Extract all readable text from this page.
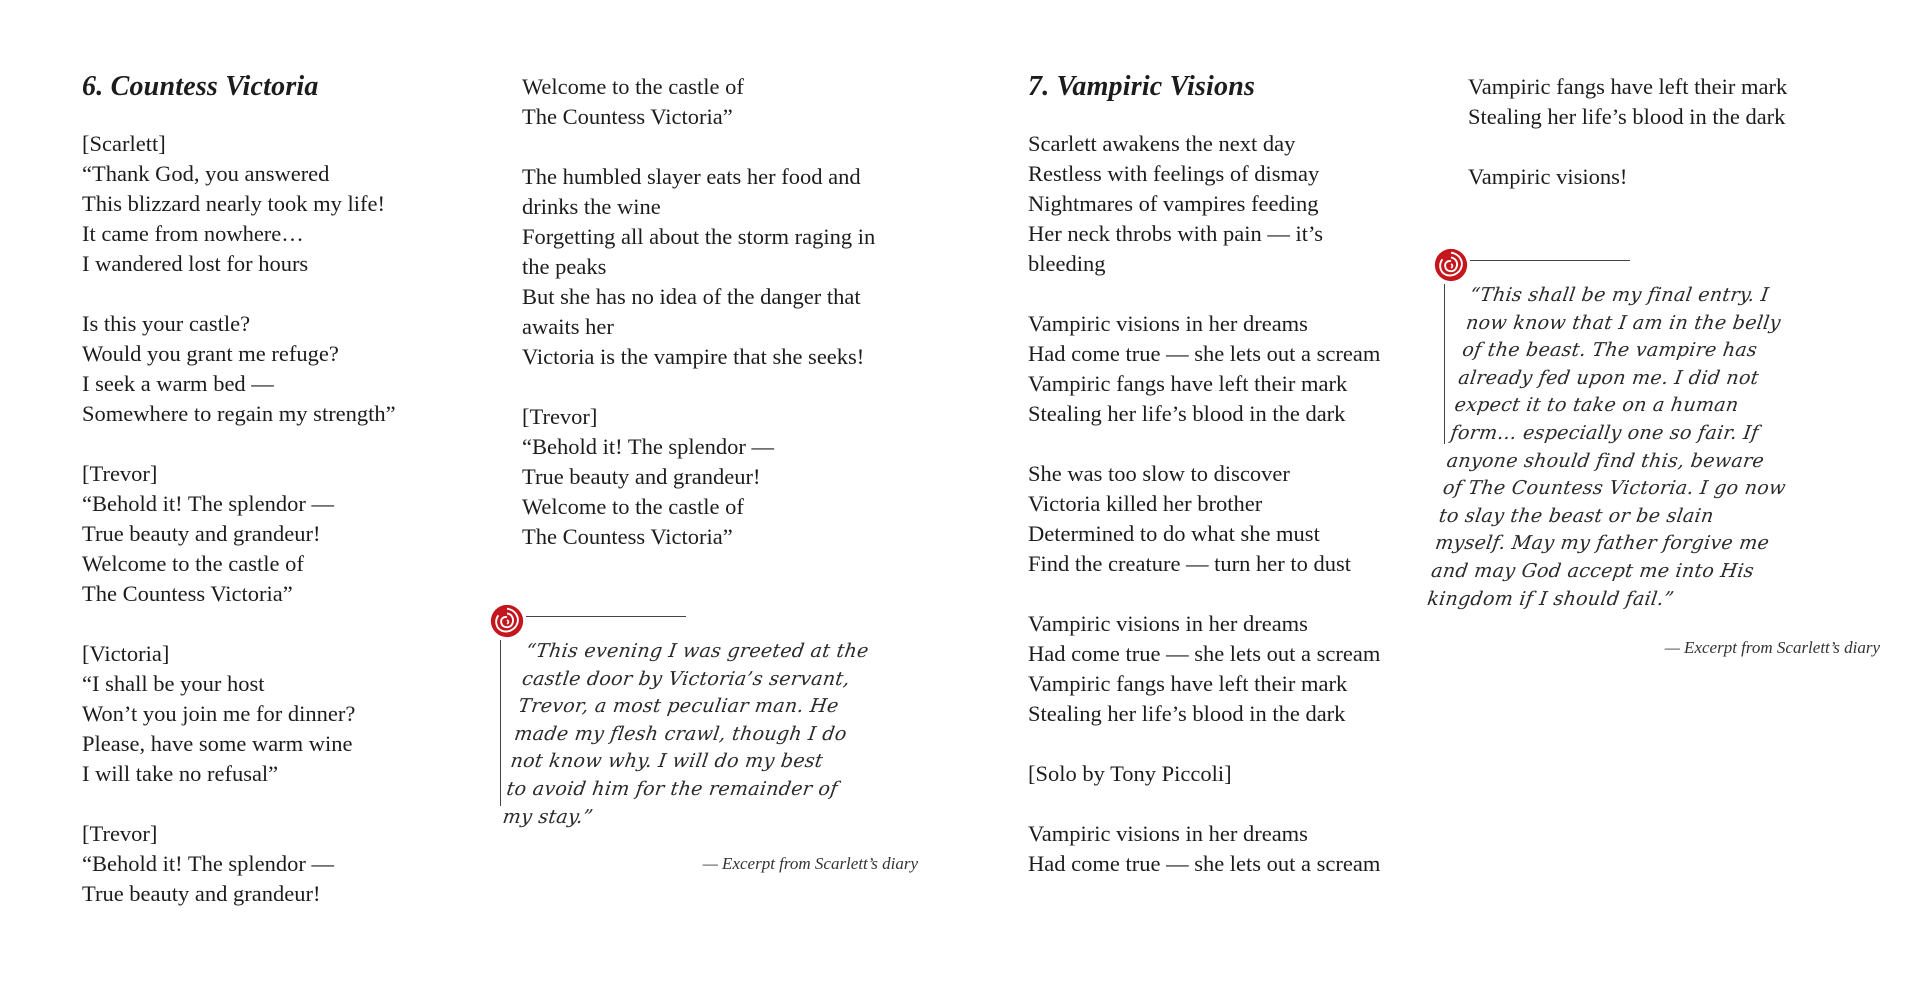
6. Countess Victoria
[Scarlett]
“Thank God, you answered
This blizzard nearly took my life!
It came from nowhere…
I wandered lost for hours
Is this your castle?
Would you grant me refuge?
I seek a warm bed —
Somewhere to regain my strength”
[Trevor]
“Behold it! The splendor —
True beauty and grandeur!
Welcome to the castle of
The Countess Victoria”
[Victoria]
“I shall be your host
Won’t you join me for dinner?
Please, have some warm wine
I will take no refusal”
[Trevor]
“Behold it! The splendor —
True beauty and grandeur!
Welcome to the castle of
The Countess Victoria”
The humbled slayer eats her food and
drinks the wine
Forgetting all about the storm raging in
the peaks
But she has no idea of the danger that
awaits her
Victoria is the vampire that she seeks!
[Trevor]
“Behold it! The splendor —
True beauty and grandeur!
Welcome to the castle of
The Countess Victoria”
“This evening I was greeted at the
castle door by Victoria’s servant,
Trevor, a most peculiar man. He
made my flesh crawl, though I do
not know why. I will do my best
to avoid him for the remainder of
my stay.”
— Excerpt from Scarlett’s diary
7. Vampiric Visions
Scarlett awakens the next day
Restless with feelings of dismay
Nightmares of vampires feeding
Her neck throbs with pain — it’s
bleeding
Vampiric visions in her dreams
Had come true — she lets out a scream
Vampiric fangs have left their mark
Stealing her life’s blood in the dark
She was too slow to discover
Victoria killed her brother
Determined to do what she must
Find the creature — turn her to dust
Vampiric visions in her dreams
Had come true — she lets out a scream
Vampiric fangs have left their mark
Stealing her life’s blood in the dark
[Solo by Tony Piccoli]
Vampiric visions in her dreams
Had come true — she lets out a scream
Vampiric fangs have left their mark
Stealing her life’s blood in the dark
Vampiric visions!
“This shall be my final entry. I
now know that I am in the belly
of the beast. The vampire has
already fed upon me. I did not
expect it to take on a human
form… especially one so fair. If
anyone should find this, beware
of The Countess Victoria. I go now
to slay the beast or be slain
myself. May my father forgive me
and may God accept me into His
kingdom if I should fail.”
— Excerpt from Scarlett’s diary
